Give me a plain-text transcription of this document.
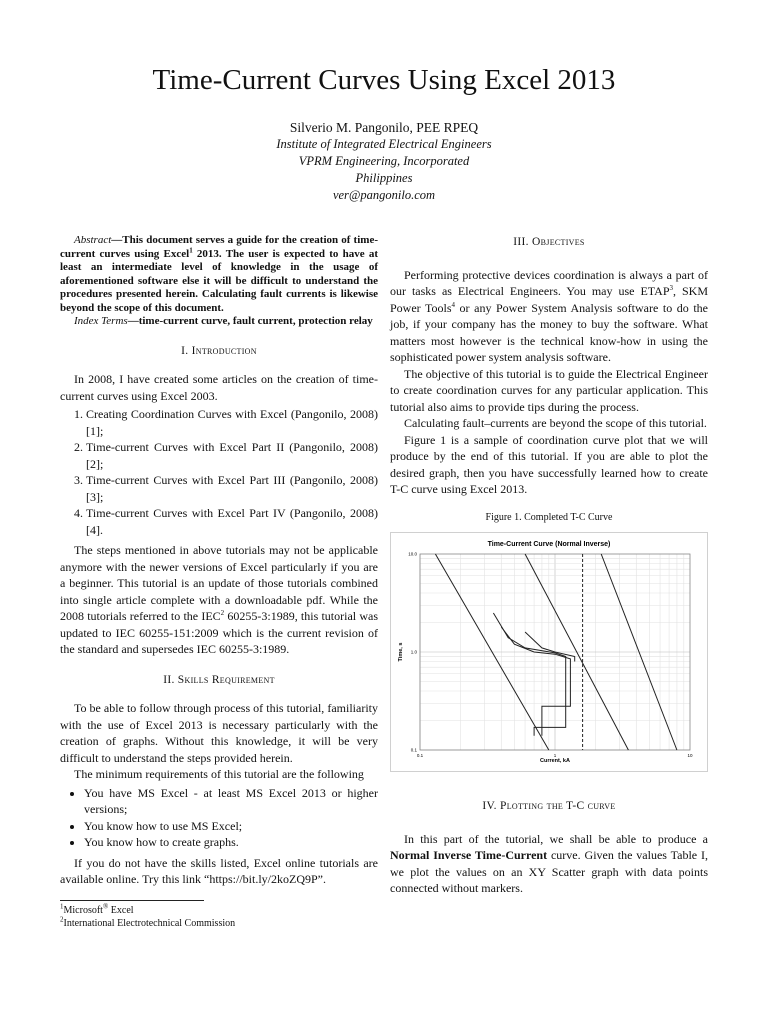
Time-Current Curves Using Excel 2013
Silverio M. Pangonilo, PEE RPEQ
Institute of Integrated Electrical Engineers
VPRM Engineering, Incorporated
Philippines
ver@pangonilo.com

Abstract—This document serves a guide for the creation of time-current curves using Excel$^1$ 2013. The user is expected to have at least an intermediate level of knowledge in the usage of aforementioned software else it will be difficult to understand the procedures presented herein. Calculating fault currents is likewise beyond the scope of this document.

Index Terms—time-current curve, fault current, protection relay

I. Introduction

In 2008, I have created some articles on the creation of time-current curves using Excel 2003.

1. Creating Coordination Curves with Excel (Pangonilo, 2008) [1];
2. Time-current Curves with Excel Part II (Pangonilo, 2008) [2];
3. Time-current Curves with Excel Part III (Pangonilo, 2008) [3];
4. Time-current Curves with Excel Part IV (Pangonilo, 2008) [4].

The steps mentioned in above tutorials may not be applicable anymore with the newer versions of Excel particularly if you are a beginner. This tutorial is an update of those tutorials combined into single article complete with a downloadable pdf. While the 2008 tutorials referred to the IEC$^2$ 60255-3:1989, this tutorial was updated to IEC 60255-151:2009 which is the current revision of the standard and supersedes IEC 60255-3:1989.

II. Skills Requirement

To be able to follow through process of this tutorial, familiarity with the use of Excel 2013 is necessary particularly with the creation of graphs. Without this knowledge, it will be very difficult to understand the steps provided herein.

The minimum requirements of this tutorial are the following

• You have MS Excel - at least MS Excel 2013 or higher versions;
• You know how to use MS Excel;
• You know how to create graphs.

If you do not have the skills listed, Excel online tutorials are available online. Try this link “https://bit.ly/2koZQ9P”.

$^1$Microsoft® Excel
$^2$International Electrotechnical Commission
III. Objectives

Performing protective devices coordination is always a part of our tasks as Electrical Engineers. You may use ETAP$^3$, SKM Power Tools$^4$ or any Power System Analysis software to do the job, if your company has the money to buy the software. What matters most however is the technical know-how in using the sophisticated power system analysis software.

The objective of this tutorial is to guide the Electrical Engineer to create coordination curves for any particular application. This tutorial also aims to provide tips during the process.

Calculating fault–currents are beyond the scope of this tutorial.

Figure 1 is a sample of coordination curve plot that we will produce by the end of this tutorial. If you are able to plot the desired graph, then you have successfully learned how to create T-C curve using Excel 2013.

Figure 1. Completed T-C Curve
Time-Current Curve (Normal Inverse)
0.1	1	10
0.1
1.0
10.0
Current, kA
Time, s
IV. Plotting the T-C curve

In this part of the tutorial, we shall be able to produce a Normal Inverse Time-Current curve. Given the values Table I, we plot the values on an XY Scatter graph with data points connected without markers.
